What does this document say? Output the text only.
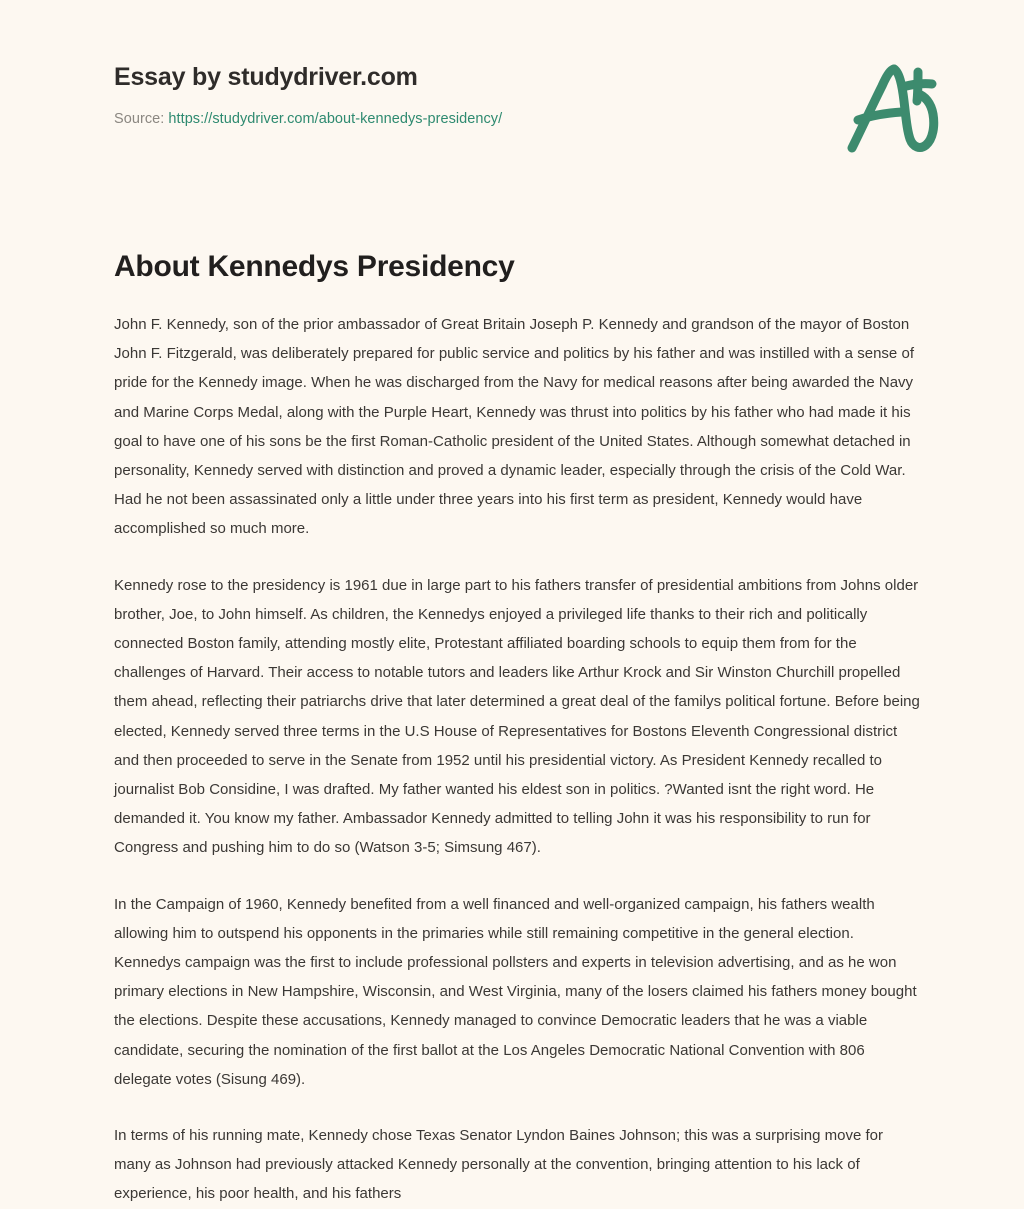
Essay by studydriver.com
Source: https://studydriver.com/about-kennedys-presidency/
About Kennedys Presidency

John F. Kennedy, son of the prior ambassador of Great Britain Joseph P. Kennedy and grandson of the mayor of Boston John F. Fitzgerald, was deliberately prepared for public service and politics by his father and was instilled with a sense of pride for the Kennedy image. When he was discharged from the Navy for medical reasons after being awarded the Navy and Marine Corps Medal, along with the Purple Heart, Kennedy was thrust into politics by his father who had made it his goal to have one of his sons be the first Roman-Catholic president of the United States. Although somewhat detached in personality, Kennedy served with distinction and proved a dynamic leader, especially through the crisis of the Cold War. Had he not been assassinated only a little under three years into his first term as president, Kennedy would have accomplished so much more.

Kennedy rose to the presidency is 1961 due in large part to his fathers transfer of presidential ambitions from Johns older brother, Joe, to John himself. As children, the Kennedys enjoyed a privileged life thanks to their rich and politically connected Boston family, attending mostly elite, Protestant affiliated boarding schools to equip them from for the challenges of Harvard. Their access to notable tutors and leaders like Arthur Krock and Sir Winston Churchill propelled them ahead, reflecting their patriarchs drive that later determined a great deal of the familys political fortune. Before being elected, Kennedy served three terms in the U.S House of Representatives for Bostons Eleventh Congressional district and then proceeded to serve in the Senate from 1952 until his presidential victory. As President Kennedy recalled to journalist Bob Considine, I was drafted. My father wanted his eldest son in politics. ?Wanted isnt the right word. He demanded it. You know my father. Ambassador Kennedy admitted to telling John it was his responsibility to run for Congress and pushing him to do so (Watson 3-5; Simsung 467).

In the Campaign of 1960, Kennedy benefited from a well financed and well-organized campaign, his fathers wealth allowing him to outspend his opponents in the primaries while still remaining competitive in the general election. Kennedys campaign was the first to include professional pollsters and experts in television advertising, and as he won primary elections in New Hampshire, Wisconsin, and West Virginia, many of the losers claimed his fathers money bought the elections. Despite these accusations, Kennedy managed to convince Democratic leaders that he was a viable candidate, securing the nomination of the first ballot at the Los Angeles Democratic National Convention with 806 delegate votes (Sisung 469).

In terms of his running mate, Kennedy chose Texas Senator Lyndon Baines Johnson; this was a surprising move for many as Johnson had previously attacked Kennedy personally at the convention, bringing attention to his lack of experience, his poor health, and his fathers
